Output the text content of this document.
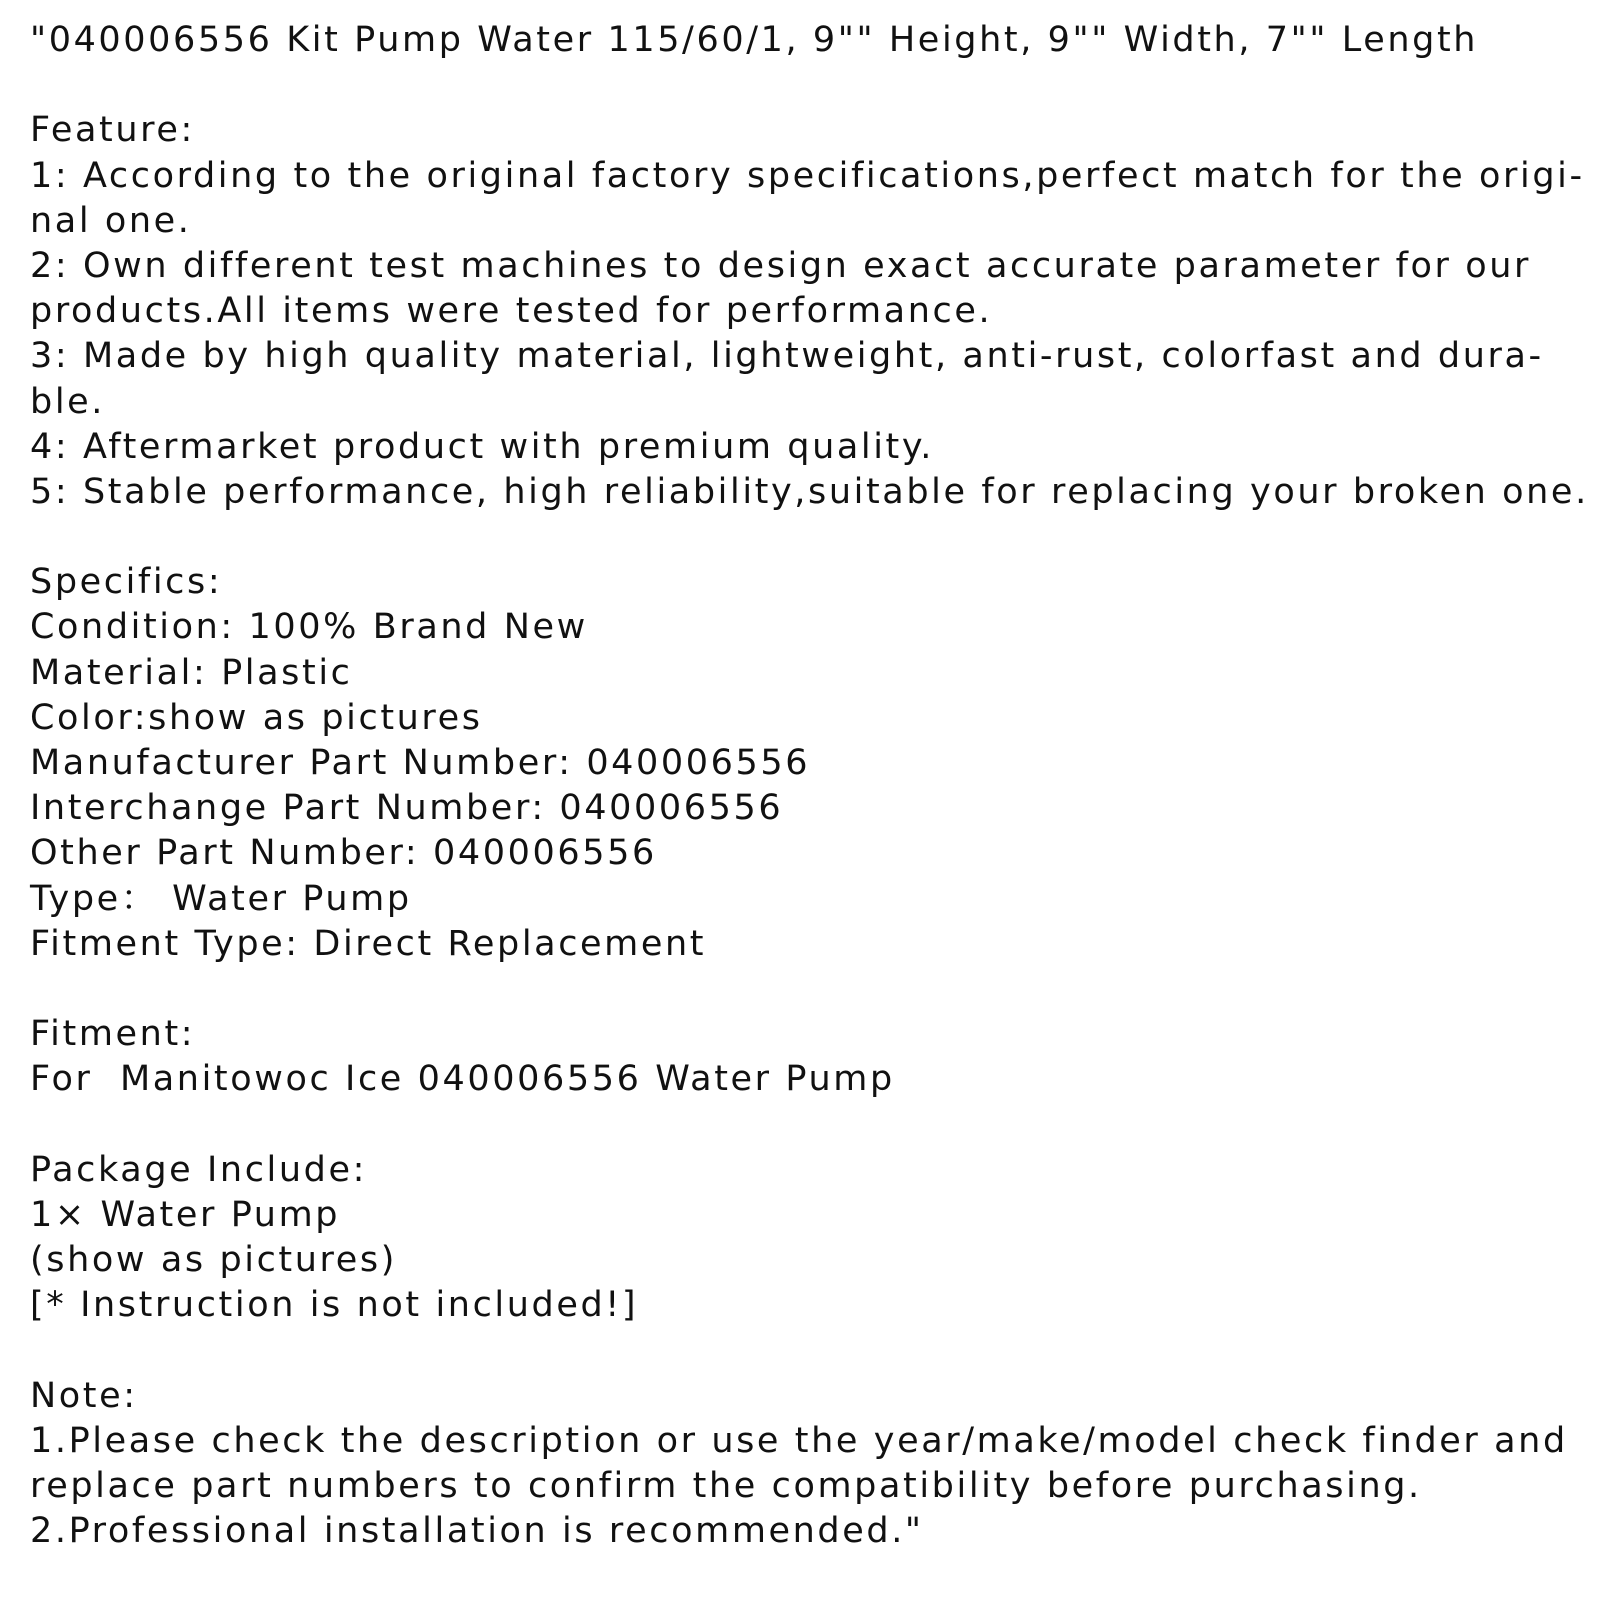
"040006556 Kit Pump Water 115/60/1, 9"" Height, 9"" Width, 7"" Length
Feature:
1: According to the original factory specifications,perfect match for the origi-
nal one.
2: Own different test machines to design exact accurate parameter for our
products.All items were tested for performance.
3: Made by high quality material, lightweight, anti-rust, colorfast and dura-
ble.
4: Aftermarket product with premium quality.
5: Stable performance, high reliability,suitable for replacing your broken one.
Specifics:
Condition: 100% Brand New
Material: Plastic
Color:show as pictures
Manufacturer Part Number: 040006556
Interchange Part Number: 040006556
Other Part Number: 040006556
Type： Water Pump
Fitment Type: Direct Replacement
Fitment:
For  Manitowoc Ice 040006556 Water Pump
Package Include:
1× Water Pump
(show as pictures)
[* Instruction is not included!]
Note:
1.Please check the description or use the year/make/model check finder and
replace part numbers to confirm the compatibility before purchasing.
2.Professional installation is recommended."
